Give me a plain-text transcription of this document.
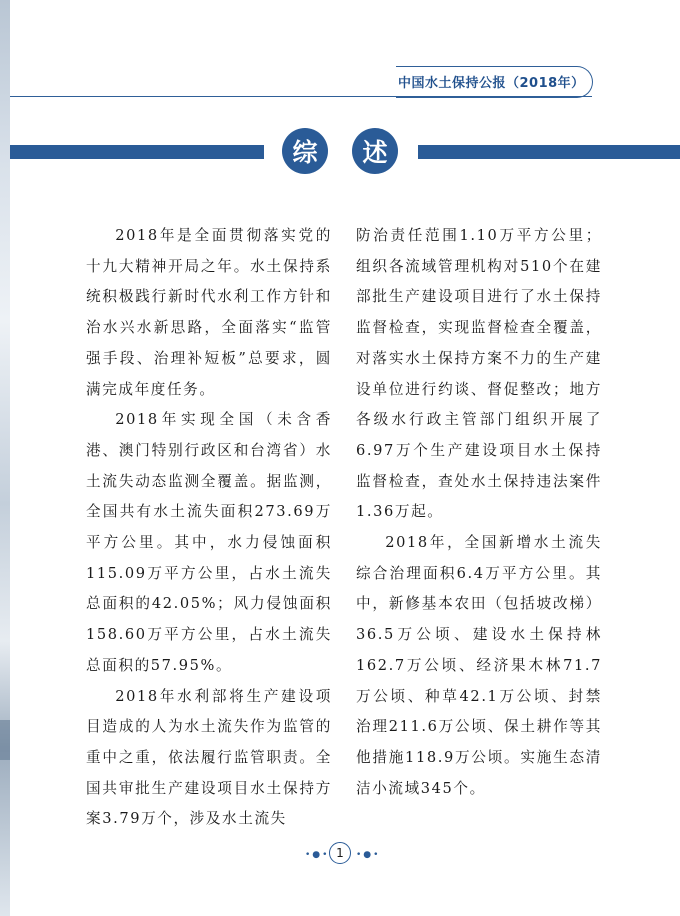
中国水土保持公报（2018年）
综	述

2018年是全面贯彻落实党的十九大精神开局之年。水土保持系统积极践行新时代水利工作方针和治水兴水新思路，全面落实“监管强手段、治理补短板”总要求，圆满完成年度任务。

2018年实现全国（未含香港、澳门特别行政区和台湾省）水土流失动态监测全覆盖。据监测，全国共有水土流失面积273.69万平方公里。其中，水力侵蚀面积115.09万平方公里，占水土流失总面积的42.05%；风力侵蚀面积158.60万平方公里，占水土流失总面积的57.95%。

2018年水利部将生产建设项目造成的人为水土流失作为监管的重中之重，依法履行监管职责。全国共审批生产建设项目水土保持方案3.79万个，涉及水土流失

防治责任范围1.10万平方公里；组织各流域管理机构对510个在建部批生产建设项目进行了水土保持监督检查，实现监督检查全覆盖，对落实水土保持方案不力的生产建设单位进行约谈、督促整改；地方各级水行政主管部门组织开展了6.97万个生产建设项目水土保持监督检查，查处水土保持违法案件1.36万起。

2018年，全国新增水土流失综合治理面积6.4万平方公里。其中，新修基本农田（包括坡改梯）36.5万公顷、建设水土保持林162.7万公顷、经济果木林71.7万公顷、种草42.1万公顷、封禁治理211.6万公顷、保土耕作等其他措施118.9万公顷。实施生态清洁小流域345个。

•●• 1	•●•
